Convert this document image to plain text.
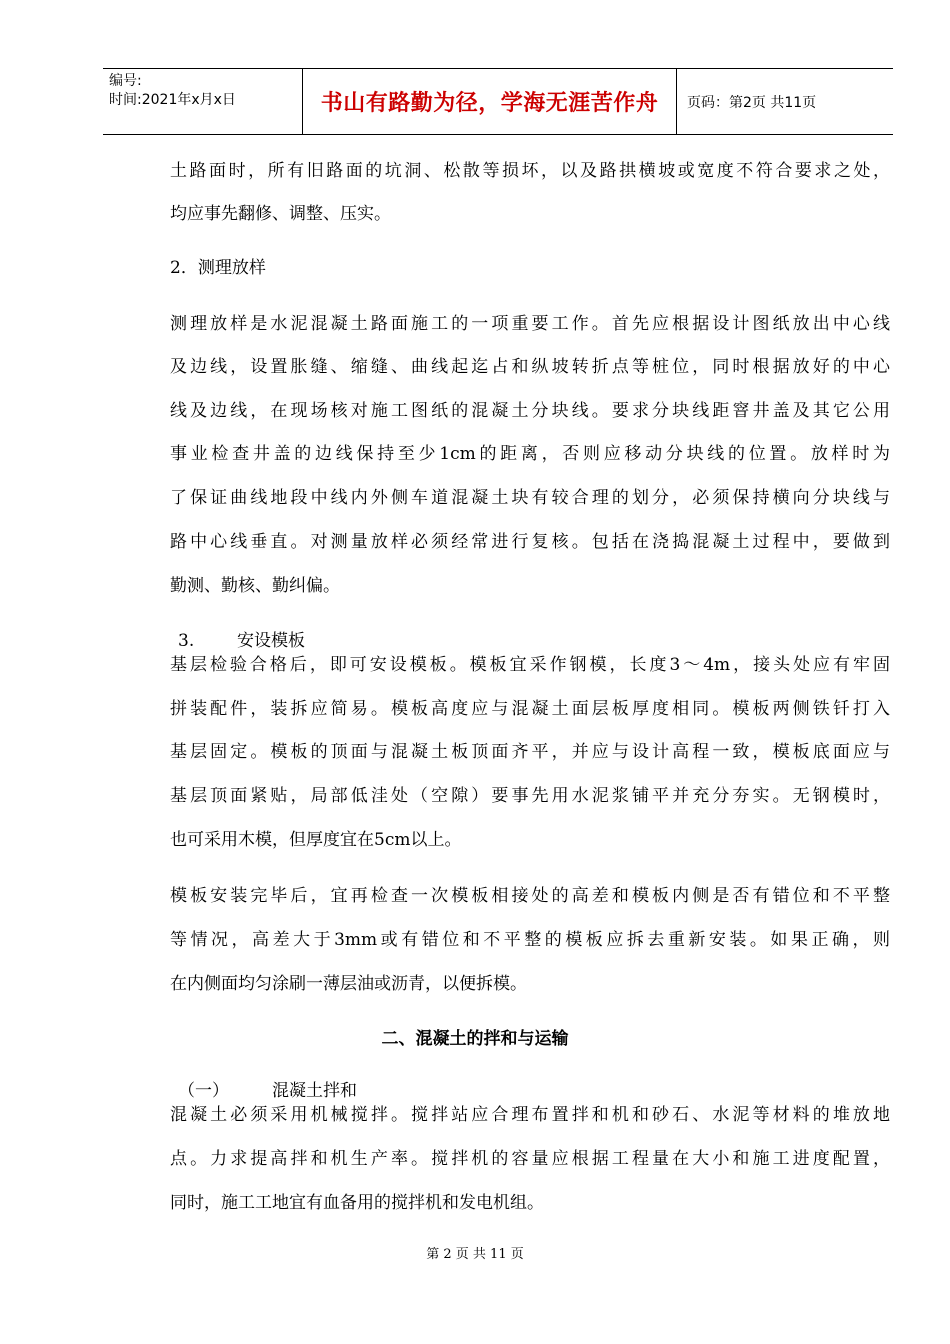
编号:
时间:2021年x月x日	书山有路勤为径，学海无涯苦作舟 页码：第2页 共11页
土路面时，所有旧路面的坑洞、松散等损坏，以及路拱横坡或宽度不符合要求之处，
均应事先翻修、调整、压实。
2．测理放样
测理放样是水泥混凝土路面施工的一项重要工作。首先应根据设计图纸放出中心线
及边线，设置胀缝、缩缝、曲线起迄占和纵坡转折点等桩位，同时根据放好的中心
线及边线，在现场核对施工图纸的混凝土分块线。要求分块线距窨井盖及其它公用
事业检查井盖的边线保持至少1cm的距离，否则应移动分块线的位置。放样时为
了保证曲线地段中线内外侧车道混凝土块有较合理的划分，必须保持横向分块线与
路中心线垂直。对测量放样必须经常进行复核。包括在浇捣混凝土过程中，要做到
勤测、勤核、勤纠偏。
3.	安设模板
基层检验合格后，即可安设模板。模板宜采作钢模，长度3～4m，接头处应有牢固
拼装配件，装拆应简易。模板高度应与混凝土面层板厚度相同。模板两侧铁钎打入
基层固定。模板的顶面与混凝土板顶面齐平，并应与设计高程一致，模板底面应与
基层顶面紧贴，局部低洼处（空隙）要事先用水泥浆铺平并充分夯实。无钢模时，
也可采用木模，但厚度宜在5cm以上。
模板安装完毕后，宜再检查一次模板相接处的高差和模板内侧是否有错位和不平整
等情况，高差大于3mm或有错位和不平整的模板应拆去重新安装。如果正确，则
在内侧面均匀涂刷一薄层油或沥青，以便拆模。
二、混凝土的拌和与运输
（一）	混凝土拌和
混凝土必须采用机械搅拌。搅拌站应合理布置拌和机和砂石、水泥等材料的堆放地
点。力求提高拌和机生产率。搅拌机的容量应根据工程量在大小和施工进度配置，
同时，施工工地宜有血备用的搅拌机和发电机组。
第 2 页 共 11 页
